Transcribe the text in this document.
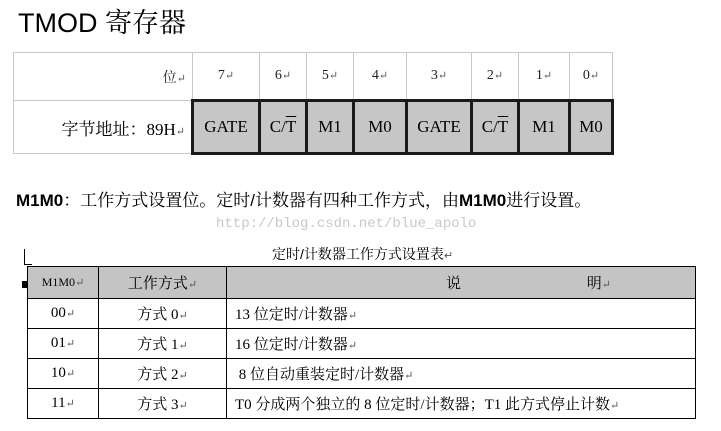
TMOD 寄存器
位↵	7↵	6↵	5↵	4↵	3↵	2↵	1↵	0↵
字节地址：89H↵	GATE	$C/\overline{T}$	M1	M0	GATE	$C/\overline{T}$	M1	M0
M1M0：工作方式设置位。定时/计数器有四种工作方式，由M1M0进行设置。
http://blog.csdn.net/blue_apolo
定时/计数器工作方式设置表↵
M1M0↵	工作方式↵	说 明↵
00↵	方式 0↵	13 位定时/计数器↵
01↵	方式 1↵	16 位定时/计数器↵
10↵	方式 2↵	8 位自动重装定时/计数器↵
11↵	方式 3↵	T0 分成两个独立的 8 位定时/计数器；T1 此方式停止计数↵
